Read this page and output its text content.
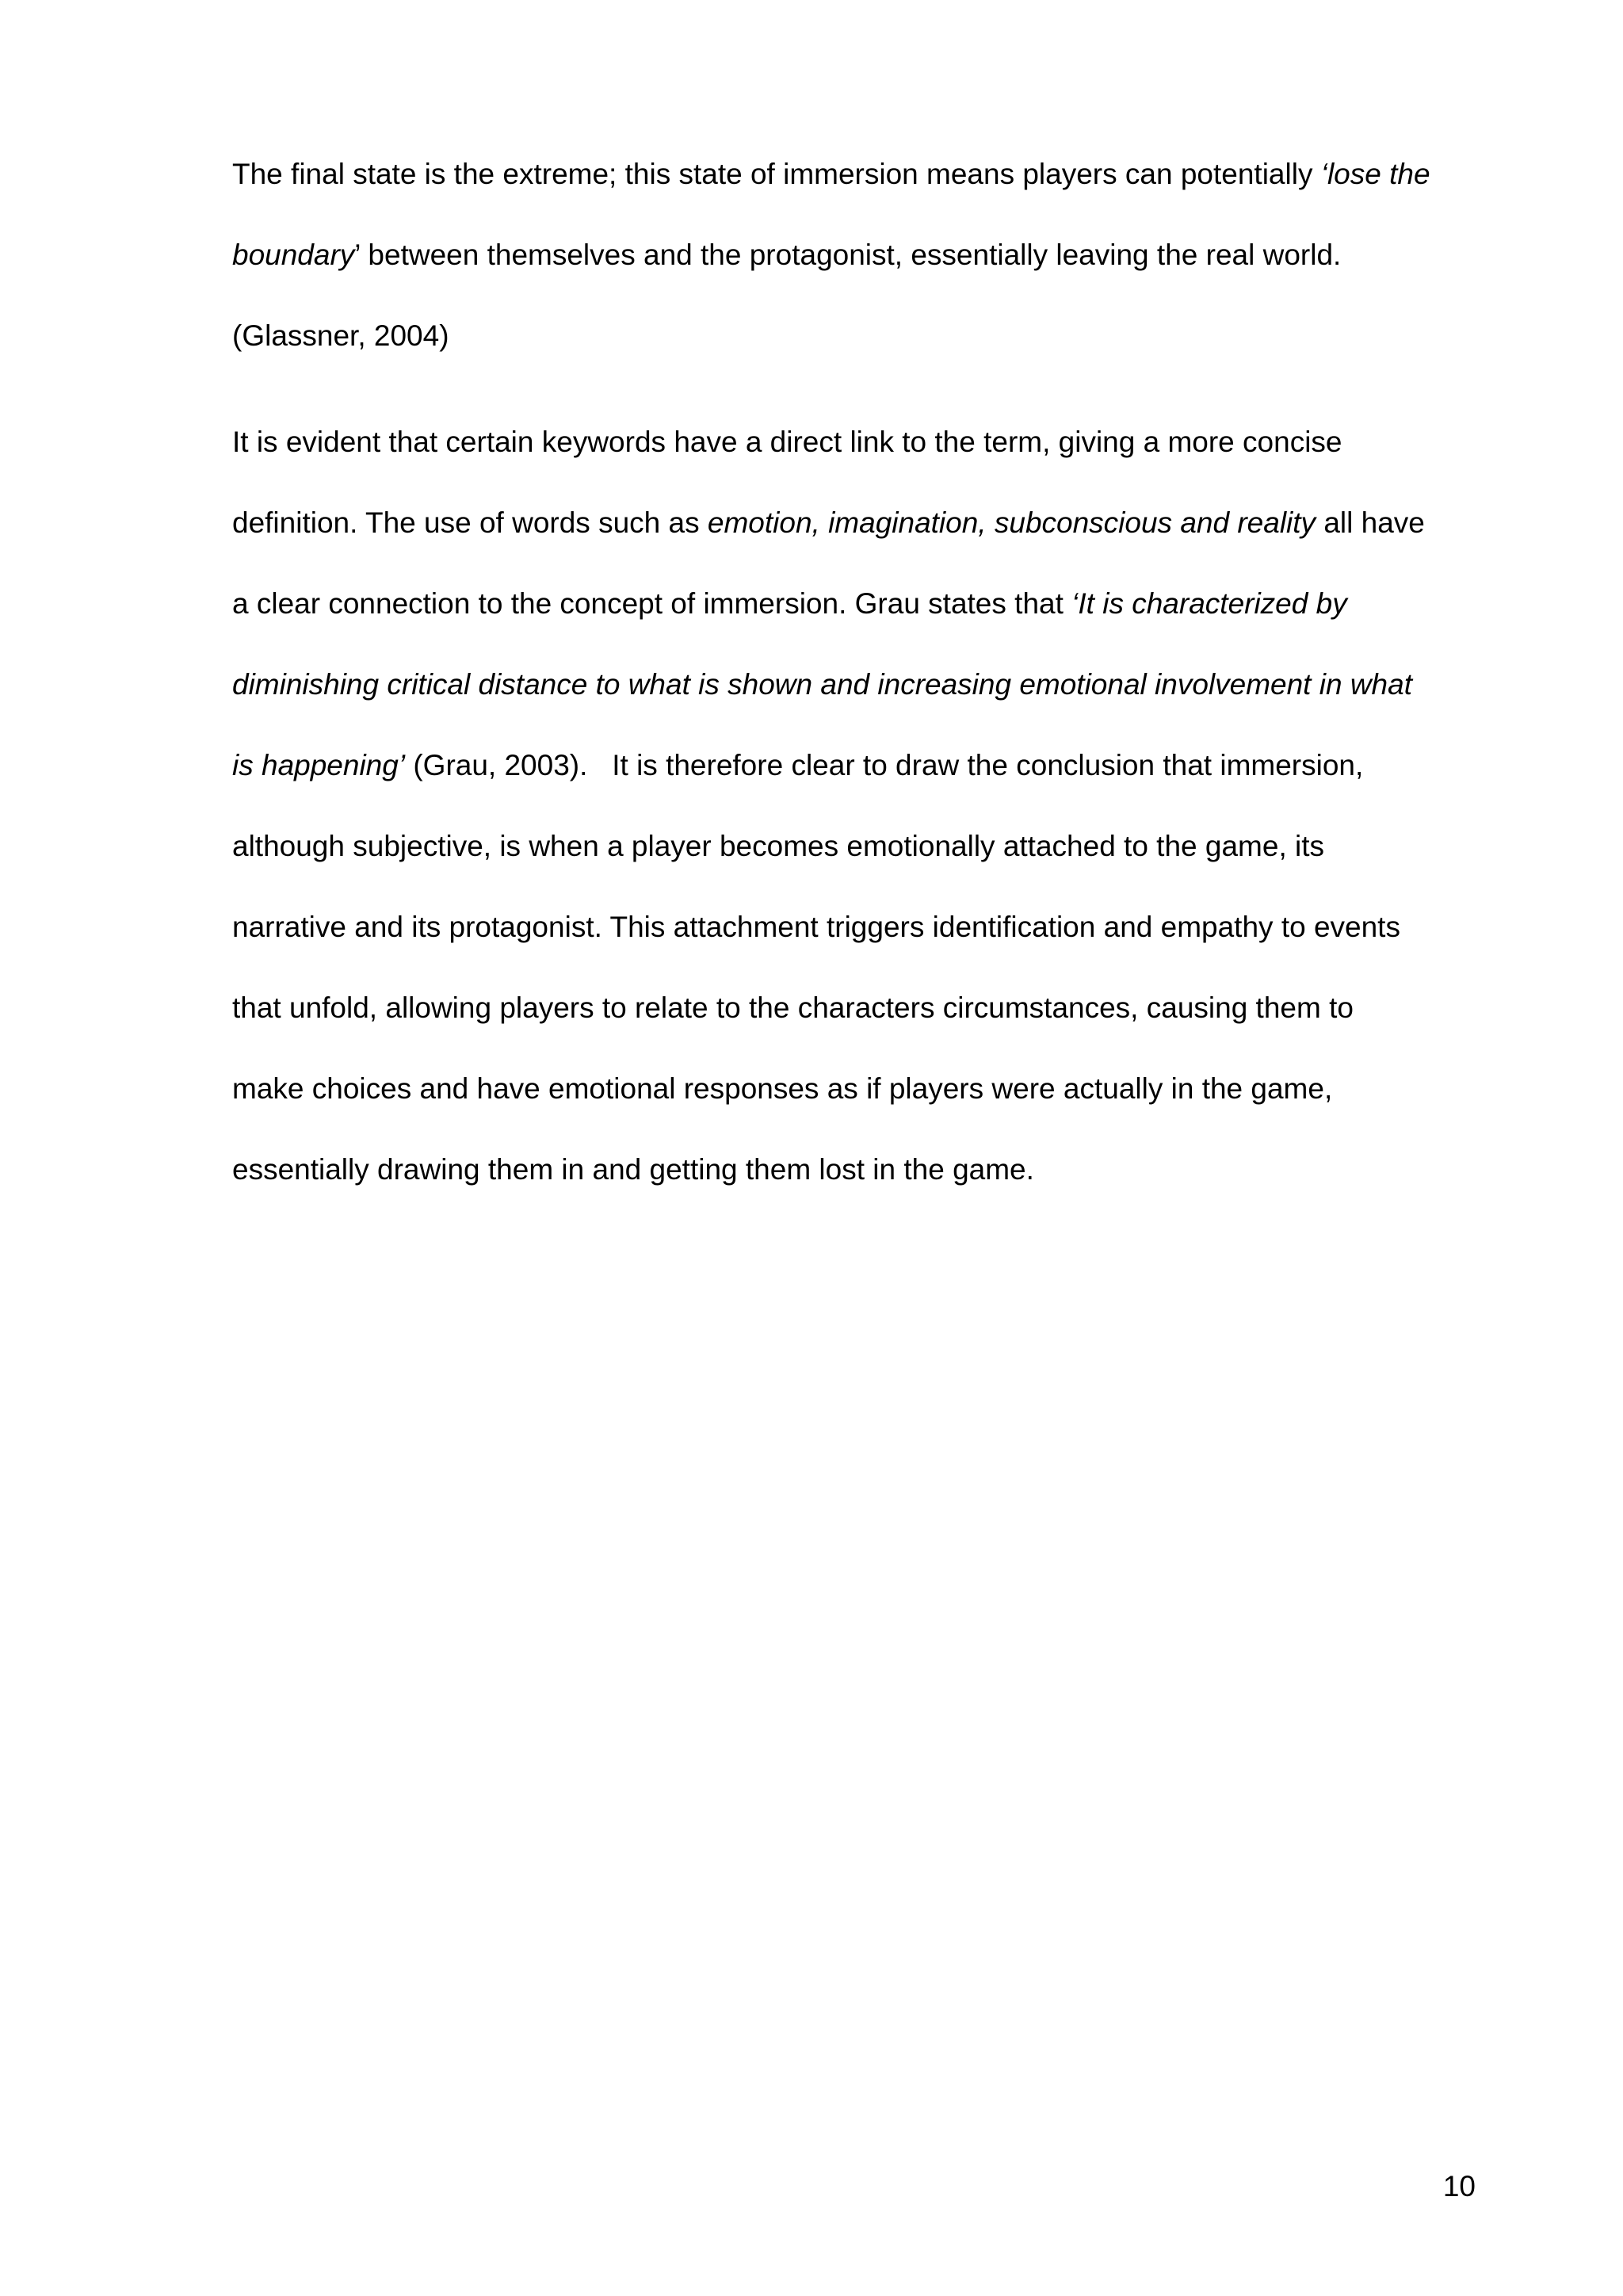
The final state is the extreme; this state of immersion means players can potentially ‘lose the
boundary’ between themselves and the protagonist, essentially leaving the real world.
(Glassner, 2004)
It is evident that certain keywords have a direct link to the term, giving a more concise
definition. The use of words such as emotion, imagination, subconscious and reality all have
a clear connection to the concept of immersion. Grau states that ‘It is characterized by
diminishing critical distance to what is shown and increasing emotional involvement in what
is happening’ (Grau, 2003).   It is therefore clear to draw the conclusion that immersion,
although subjective, is when a player becomes emotionally attached to the game, its
narrative and its protagonist. This attachment triggers identification and empathy to events
that unfold, allowing players to relate to the characters circumstances, causing them to
make choices and have emotional responses as if players were actually in the game,
essentially drawing them in and getting them lost in the game.
10
